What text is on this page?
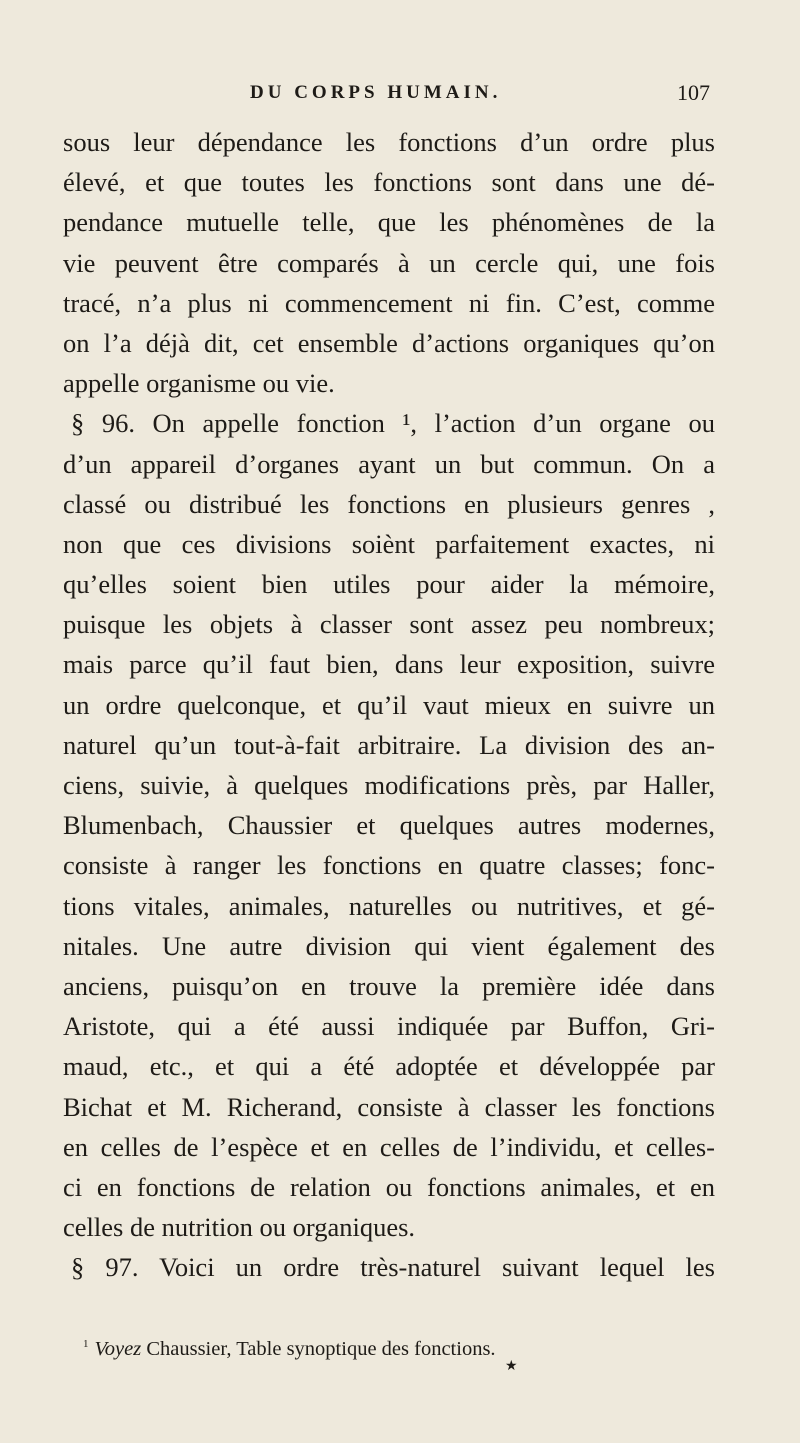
DU CORPS HUMAIN.	107
sous leur dépendance les fonctions d’un ordre plus
élevé, et que toutes les fonctions sont dans une dé-
pendance mutuelle telle, que les phénomènes de la
vie peuvent être comparés à un cercle qui, une fois
tracé, n’a plus ni commencement ni fin. C’est, comme
on l’a déjà dit, cet ensemble d’actions organiques qu’on
appelle organisme ou vie.
§ 96. On appelle fonction ¹, l’action d’un organe ou
d’un appareil d’organes ayant un but commun. On a
classé ou distribué les fonctions en plusieurs genres ,
non que ces divisions soiènt parfaitement exactes, ni
qu’elles soient bien utiles pour aider la mémoire,
puisque les objets à classer sont assez peu nombreux;
mais parce qu’il faut bien, dans leur exposition, suivre
un ordre quelconque, et qu’il vaut mieux en suivre un
naturel qu’un tout-à-fait arbitraire. La division des an-
ciens, suivie, à quelques modifications près, par Haller,
Blumenbach, Chaussier et quelques autres modernes,
consiste à ranger les fonctions en quatre classes; fonc-
tions vitales, animales, naturelles ou nutritives, et gé-
nitales. Une autre division qui vient également des
anciens, puisqu’on en trouve la première idée dans
Aristote, qui a été aussi indiquée par Buffon, Gri-
maud, etc., et qui a été adoptée et développée par
Bichat et M. Richerand, consiste à classer les fonctions
en celles de l’espèce et en celles de l’individu, et celles-
ci en fonctions de relation ou fonctions animales, et en
celles de nutrition ou organiques.
§ 97. Voici un ordre très-naturel suivant lequel les
$^1$ Voyez Chaussier, Table synoptique des fonctions.
★
